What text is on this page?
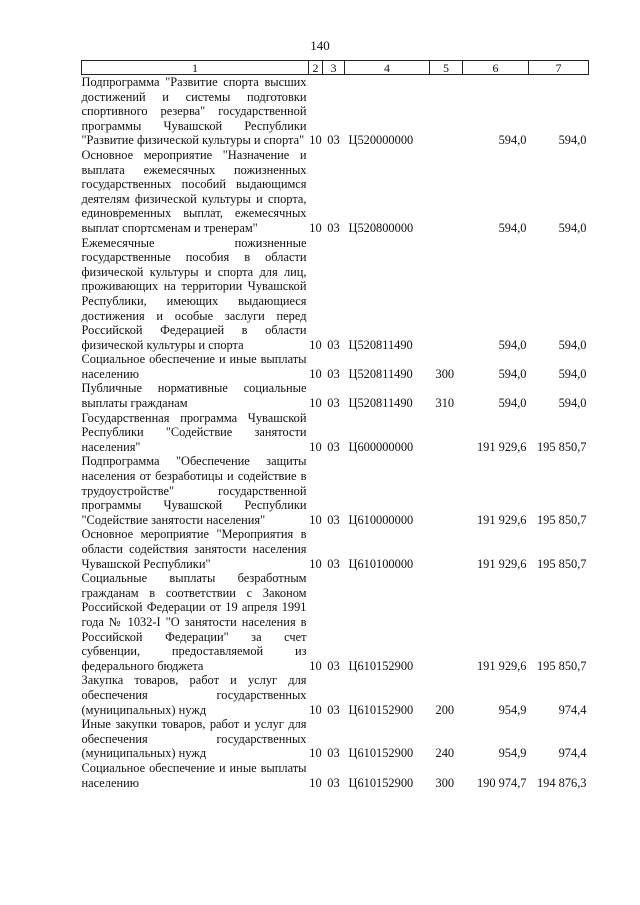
140
1	2	3	4	5	6	7
Подпрограмма "Развитие спорта высших достижений и системы подготовки спортивного резерва" государственной программы Чувашской Республики "Развитие физической культуры и спорта"	10	03	Ц520000000		594,0	594,0
Основное мероприятие "Назначение и выплата ежемесячных пожизненных государственных пособий выдающимся деятелям физической культуры и спорта, единовременных выплат, ежемесячных выплат спортсменам и тренерам"	10	03	Ц520800000		594,0	594,0
Ежемесячные пожизненные государственные пособия в области физической культуры и спорта для лиц, проживающих на территории Чувашской Республики, имеющих выдающиеся достижения и особые заслуги перед Российской Федерацией в области физической культуры и спорта	10	03	Ц520811490		594,0	594,0
Социальное обеспечение и иные выплаты населению	10	03	Ц520811490	300	594,0	594,0
Публичные нормативные социальные выплаты гражданам	10	03	Ц520811490	310	594,0	594,0
Государственная программа Чувашской Республики "Содействие занятости населения"	10	03	Ц600000000		191 929,6	195 850,7
Подпрограмма "Обеспечение защиты населения от безработицы и содействие в трудоустройстве" государственной программы Чувашской Республики "Содействие занятости населения"	10	03	Ц610000000		191 929,6	195 850,7
Основное мероприятие "Мероприятия в области содействия занятости населения Чувашской Республики"	10	03	Ц610100000		191 929,6	195 850,7
Социальные выплаты безработным гражданам в соответствии с Законом Российской Федерации от 19 апреля 1991 года № 1032-I "О занятости населения в Российской Федерации" за счет субвенции, предоставляемой из федерального бюджета	10	03	Ц610152900		191 929,6	195 850,7
Закупка товаров, работ и услуг для обеспечения государственных (муниципальных) нужд	10	03	Ц610152900	200	954,9	974,4
Иные закупки товаров, работ и услуг для обеспечения государственных (муниципальных) нужд	10	03	Ц610152900	240	954,9	974,4
Социальное обеспечение и иные выплаты населению	10	03	Ц610152900	300	190 974,7	194 876,3
